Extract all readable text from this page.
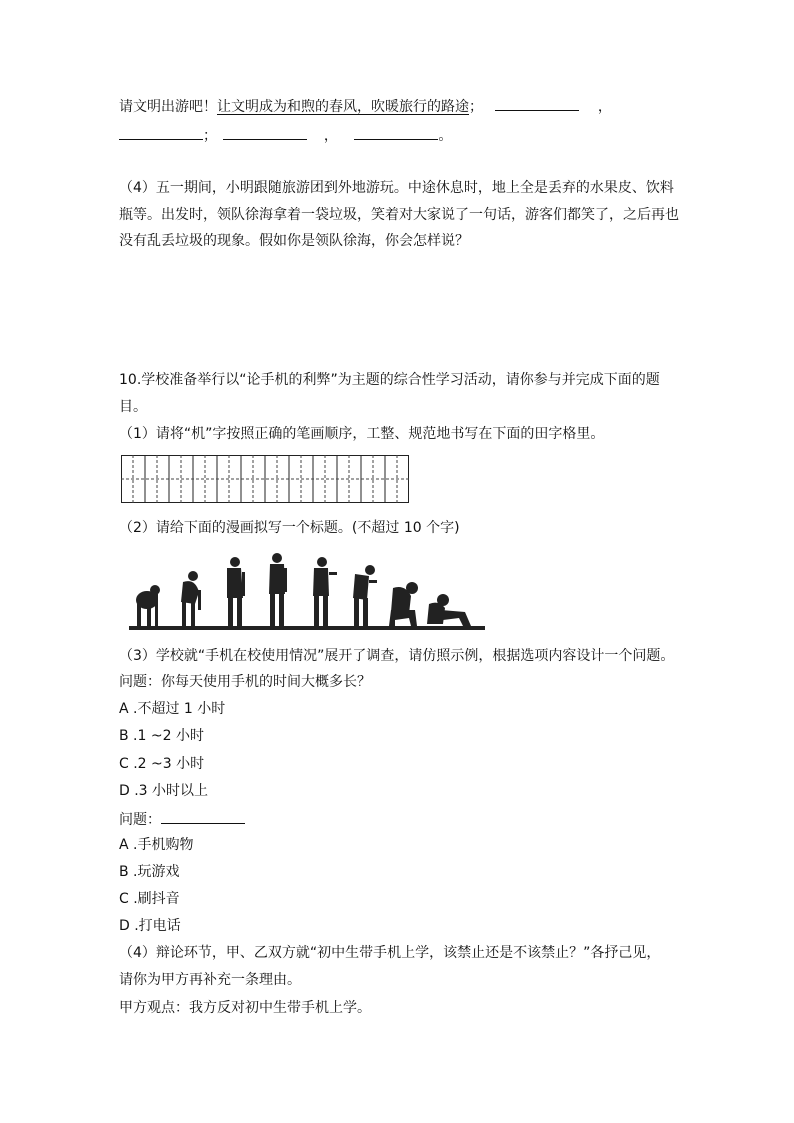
请文明出游吧！让文明成为和煦的春风，吹暖旅行的路途；	，
；	，	。
（4）五一期间，小明跟随旅游团到外地游玩。中途休息时，地上全是丢弃的水果皮、饮料
瓶等。出发时，领队徐海拿着一袋垃圾，笑着对大家说了一句话，游客们都笑了，之后再也
没有乱丢垃圾的现象。假如你是领队徐海，你会怎样说？
10.学校准备举行以“论手机的利弊”为主题的综合性学习活动，请你参与并完成下面的题
目。
（1）请将“机”字按照正确的笔画顺序，工整、规范地书写在下面的田字格里。
（2）请给下面的漫画拟写一个标题。(不超过 10 个字)
（3）学校就“手机在校使用情况”展开了调查，请仿照示例，根据选项内容设计一个问题。
问题：你每天使用手机的时间大概多长？
A .不超过 1 小时
B .1 ~2 小时
C .2 ~3 小时
D .3 小时以上
问题：
A .手机购物
B .玩游戏
C .刷抖音
D .打电话
（4）辩论环节，甲、乙双方就“初中生带手机上学，该禁止还是不该禁止？”各抒己见，
请你为甲方再补充一条理由。
甲方观点：我方反对初中生带手机上学。
